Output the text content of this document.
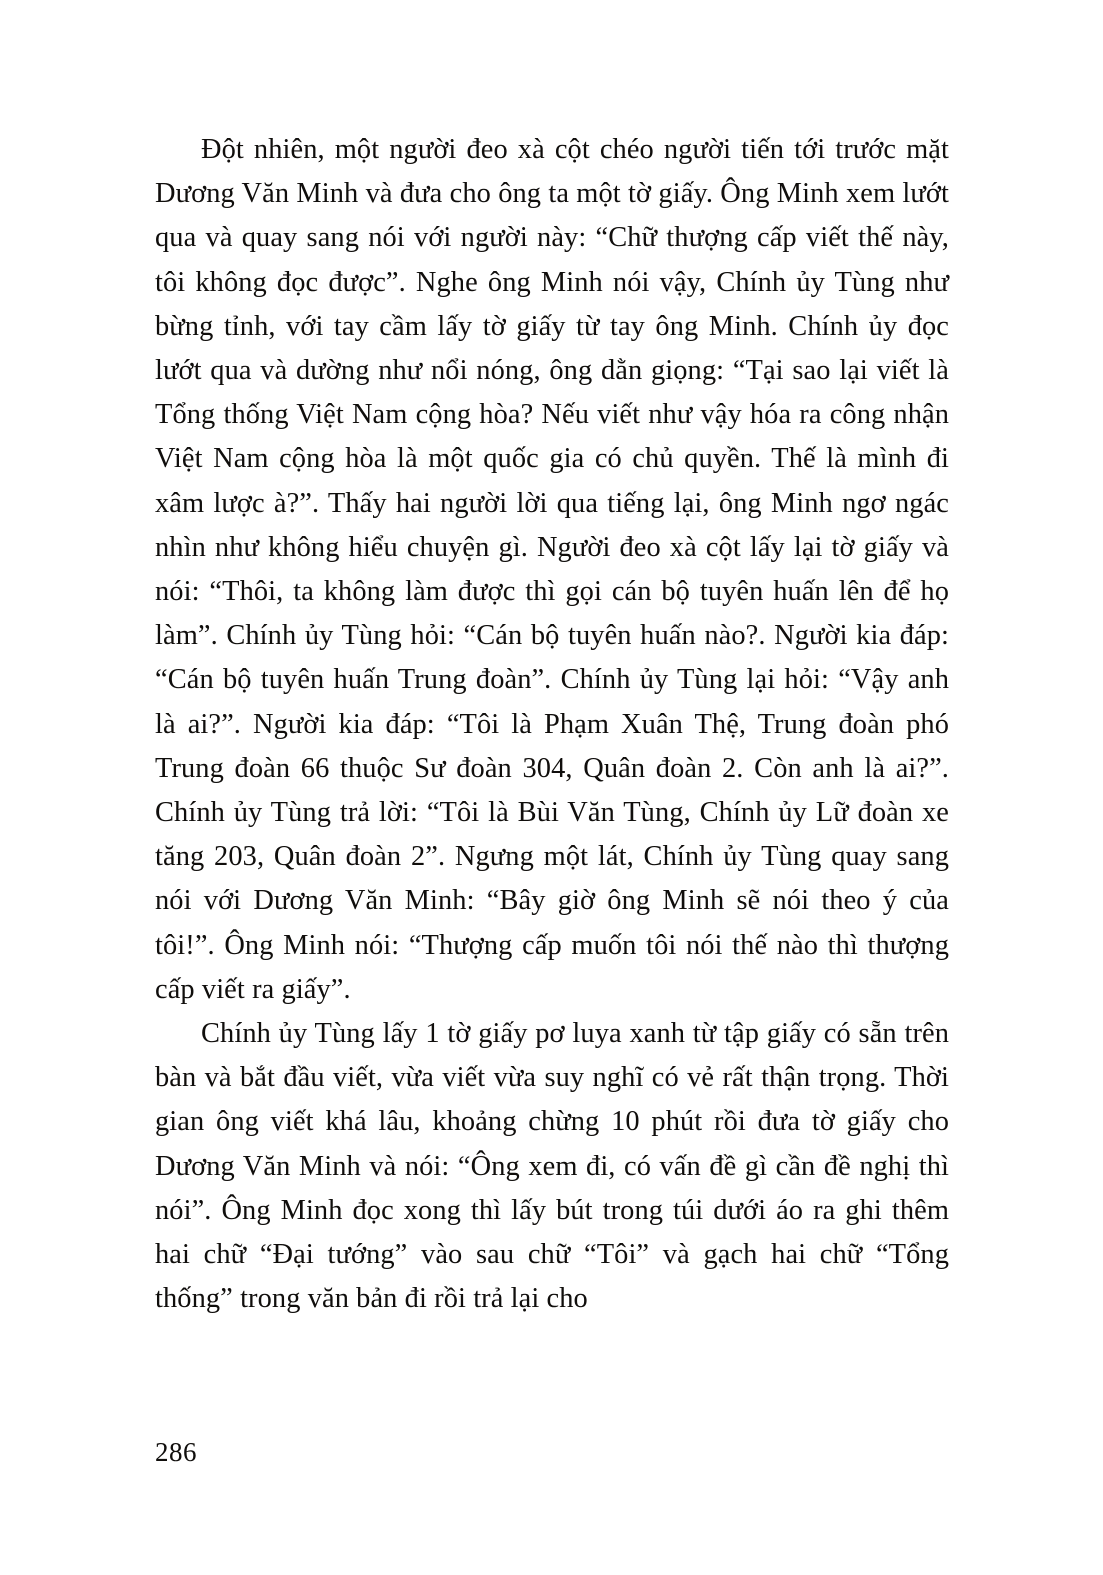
Đột nhiên, một người đeo xà cột chéo người tiến tới trước mặt Dương Văn Minh và đưa cho ông ta một tờ giấy. Ông Minh xem lướt qua và quay sang nói với người này: “Chữ thượng cấp viết thế này, tôi không đọc được”. Nghe ông Minh nói vậy, Chính ủy Tùng như bừng tỉnh, với tay cầm lấy tờ giấy từ tay ông Minh. Chính ủy đọc lướt qua và dường như nổi nóng, ông dằn giọng: “Tại sao lại viết là Tổng thống Việt Nam cộng hòa? Nếu viết như vậy hóa ra công nhận Việt Nam cộng hòa là một quốc gia có chủ quyền. Thế là mình đi xâm lược à?”. Thấy hai người lời qua tiếng lại, ông Minh ngơ ngác nhìn như không hiểu chuyện gì. Người đeo xà cột lấy lại tờ giấy và nói: “Thôi, ta không làm được thì gọi cán bộ tuyên huấn lên để họ làm”. Chính ủy Tùng hỏi: “Cán bộ tuyên huấn nào?. Người kia đáp: “Cán bộ tuyên huấn Trung đoàn”. Chính ủy Tùng lại hỏi: “Vậy anh là ai?”. Người kia đáp: “Tôi là Phạm Xuân Thệ, Trung đoàn phó Trung đoàn 66 thuộc Sư đoàn 304, Quân đoàn 2. Còn anh là ai?”. Chính ủy Tùng trả lời: “Tôi là Bùi Văn Tùng, Chính ủy Lữ đoàn xe tăng 203, Quân đoàn 2”. Ngưng một lát, Chính ủy Tùng quay sang nói với Dương Văn Minh: “Bây giờ ông Minh sẽ nói theo ý của tôi!”. Ông Minh nói: “Thượng cấp muốn tôi nói thế nào thì thượng cấp viết ra giấy”.

Chính ủy Tùng lấy 1 tờ giấy pơ luya xanh từ tập giấy có sẵn trên bàn và bắt đầu viết, vừa viết vừa suy nghĩ có vẻ rất thận trọng. Thời gian ông viết khá lâu, khoảng chừng 10 phút rồi đưa tờ giấy cho Dương Văn Minh và nói: “Ông xem đi, có vấn đề gì cần đề nghị thì nói”. Ông Minh đọc xong thì lấy bút trong túi dưới áo ra ghi thêm hai chữ “Đại tướng” vào sau chữ “Tôi” và gạch hai chữ “Tổng thống” trong văn bản đi rồi trả lại cho

286
